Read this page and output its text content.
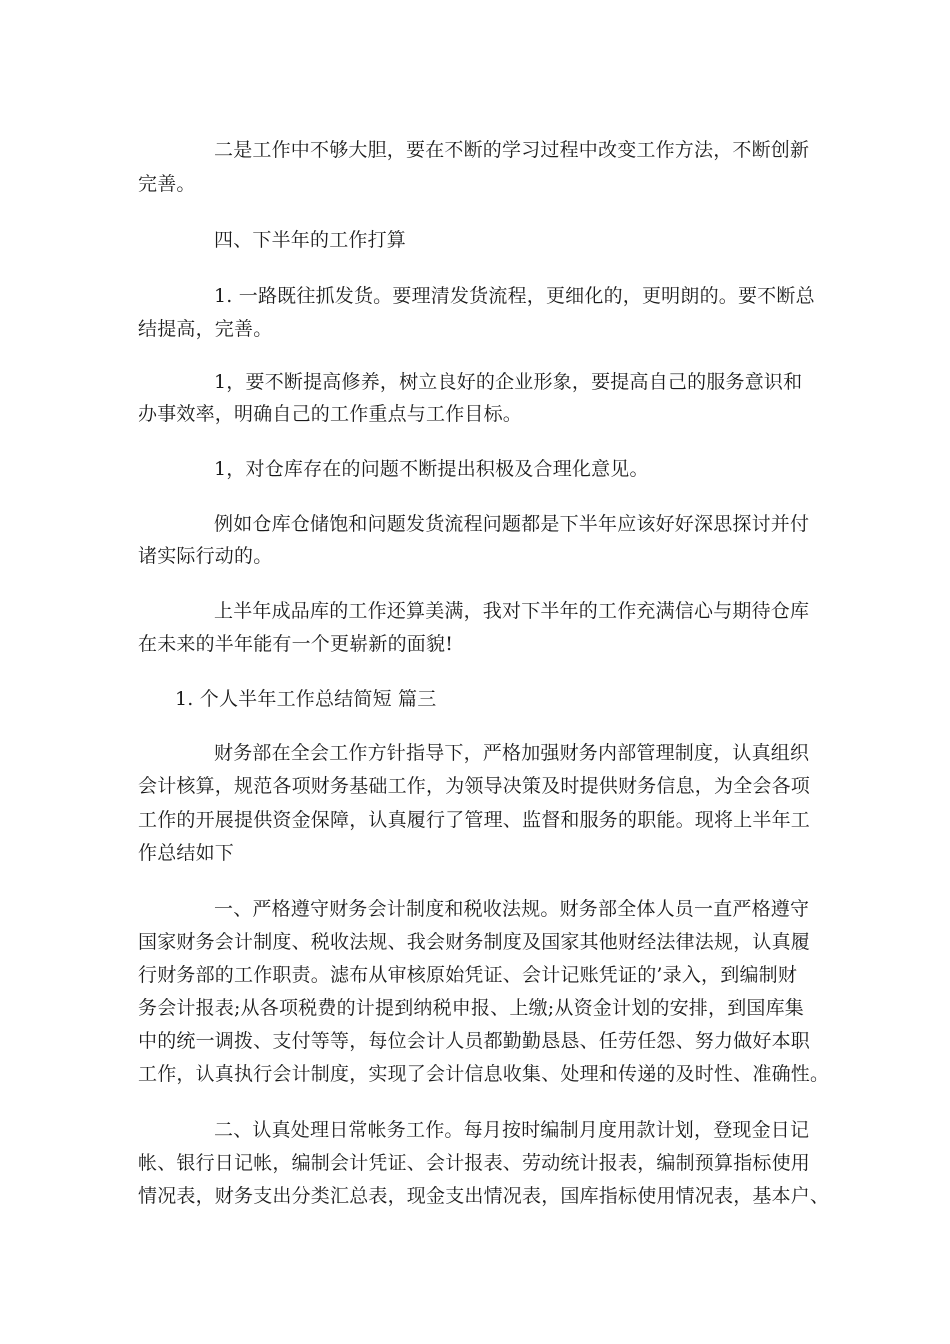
二是工作中不够大胆，要在不断的学习过程中改变工作方法，不断创新
完善。
四、下半年的工作打算
1. 一路既往抓发货。要理清发货流程，更细化的，更明朗的。要不断总
结提高，完善。
1，要不断提高修养，树立良好的企业形象，要提高自己的服务意识和
办事效率，明确自己的工作重点与工作目标。
1，对仓库存在的问题不断提出积极及合理化意见。
例如仓库仓储饱和问题发货流程问题都是下半年应该好好深思探讨并付
诸实际行动的。
上半年成品库的工作还算美满，我对下半年的工作充满信心与期待仓库
在未来的半年能有一个更崭新的面貌!
1. 个人半年工作总结简短 篇三
财务部在全会工作方针指导下，严格加强财务内部管理制度，认真组织
会计核算，规范各项财务基础工作，为领导决策及时提供财务信息，为全会各项
工作的开展提供资金保障，认真履行了管理、监督和服务的职能。现将上半年工
作总结如下
一、严格遵守财务会计制度和税收法规。财务部全体人员一直严格遵守
国家财务会计制度、税收法规、我会财务制度及国家其他财经法律法规，认真履
行财务部的工作职责。滤布从审核原始凭证、会计记账凭证的’录入，到编制财
务会计报表;从各项税费的计提到纳税申报、上缴;从资金计划的安排，到国库集
中的统一调拨、支付等等，每位会计人员都勤勤恳恳、任劳任怨、努力做好本职
工作，认真执行会计制度，实现了会计信息收集、处理和传递的及时性、准确性。
二、认真处理日常帐务工作。每月按时编制月度用款计划，登现金日记
帐、银行日记帐，编制会计凭证、会计报表、劳动统计报表，编制预算指标使用
情况表，财务支出分类汇总表，现金支出情况表，国库指标使用情况表，基本户、
